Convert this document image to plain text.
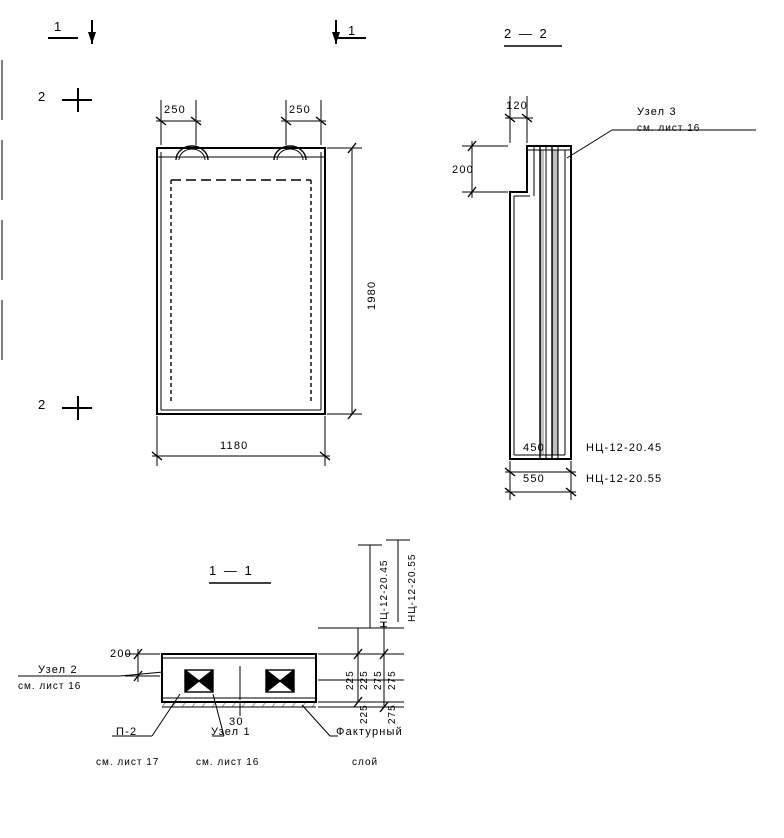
1	1
2
2
2 — 2
1 — 1
250	250
1980
1180
120
200
Узел 3
см. лист 16
450
550
НЦ-12-20.45
НЦ-12-20.55
200
30
225
225
275
275
225 275
НЦ-12-20.45 НЦ-12-20.55
Узел 2
см. лист 16
П-2
см. лист 17
Узел 1
см. лист 16
Фактурный
слой
